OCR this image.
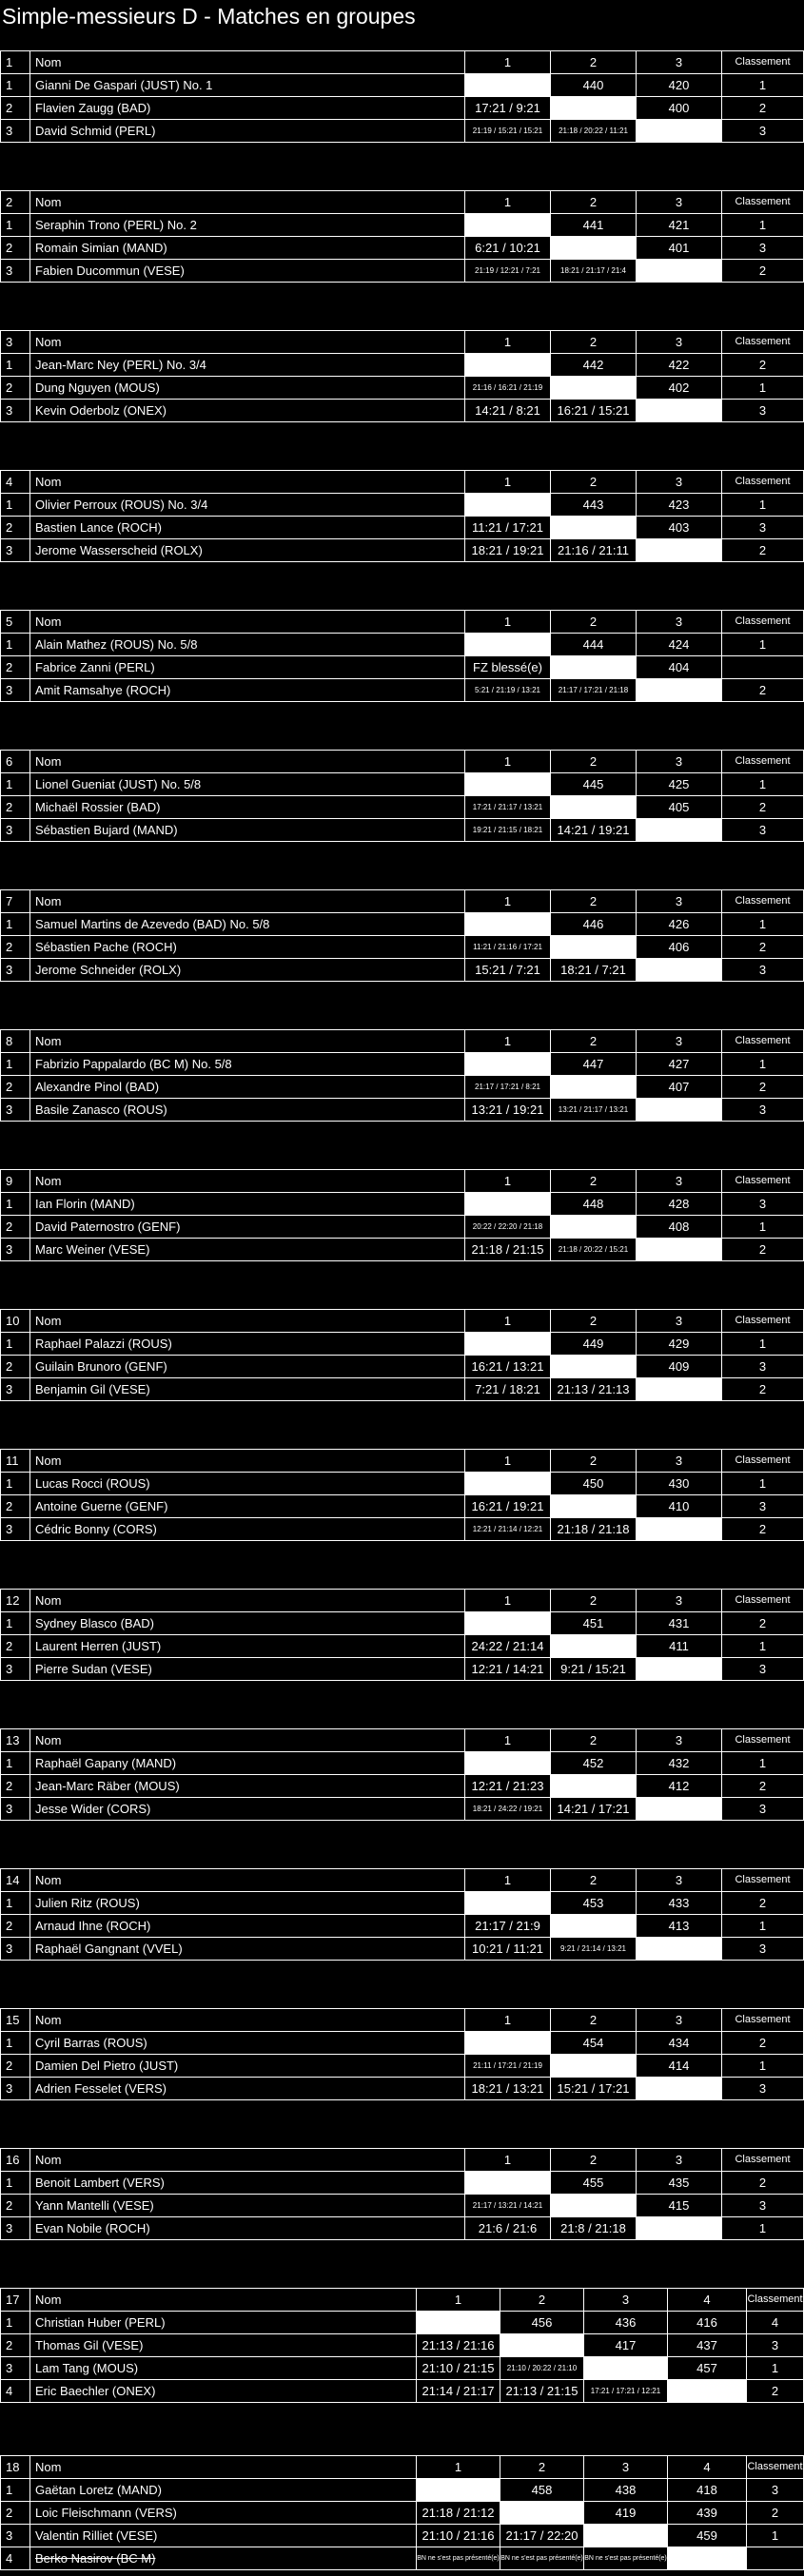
Simple-messieurs D - Matches en groupes
1	Nom	1	2	3	Classement
1	Gianni De Gaspari (JUST) No. 1		440	420	1
2	Flavien Zaugg (BAD)	17:21 / 9:21		400	2
3	David Schmid (PERL)	21:19 / 15:21 / 15:21	21:18 / 20:22 / 11:21		3
2	Nom	1	2	3	Classement
1	Seraphin Trono (PERL) No. 2		441	421	1
2	Romain Simian (MAND)	6:21 / 10:21		401	3
3	Fabien Ducommun (VESE)	21:19 / 12:21 / 7:21	18:21 / 21:17 / 21:4		2
3	Nom	1	2	3	Classement
1	Jean-Marc Ney (PERL) No. 3/4		442	422	2
2	Dung Nguyen (MOUS)	21:16 / 16:21 / 21:19		402	1
3	Kevin Oderbolz (ONEX)	14:21 / 8:21	16:21 / 15:21		3
4	Nom	1	2	3	Classement
1	Olivier Perroux (ROUS) No. 3/4		443	423	1
2	Bastien Lance (ROCH)	11:21 / 17:21		403	3
3	Jerome Wasserscheid (ROLX)	18:21 / 19:21	21:16 / 21:11		2
5	Nom	1	2	3	Classement
1	Alain Mathez (ROUS) No. 5/8		444	424	1
2	Fabrice Zanni (PERL)	FZ blessé(e)		404	
3	Amit Ramsahye (ROCH)	5:21 / 21:19 / 13:21	21:17 / 17:21 / 21:18		2
6	Nom	1	2	3	Classement
1	Lionel Gueniat (JUST) No. 5/8		445	425	1
2	Michaël Rossier (BAD)	17:21 / 21:17 / 13:21		405	2
3	Sébastien Bujard (MAND)	19:21 / 21:15 / 18:21	14:21 / 19:21		3
7	Nom	1	2	3	Classement
1	Samuel Martins de Azevedo (BAD) No. 5/8		446	426	1
2	Sébastien Pache (ROCH)	11:21 / 21:16 / 17:21		406	2
3	Jerome Schneider (ROLX)	15:21 / 7:21	18:21 / 7:21		3
8	Nom	1	2	3	Classement
1	Fabrizio Pappalardo (BC M) No. 5/8		447	427	1
2	Alexandre Pinol (BAD)	21:17 / 17:21 / 8:21		407	2
3	Basile Zanasco (ROUS)	13:21 / 19:21	13:21 / 21:17 / 13:21		3
9	Nom	1	2	3	Classement
1	Ian Florin (MAND)		448	428	3
2	David Paternostro (GENF)	20:22 / 22:20 / 21:18		408	1
3	Marc Weiner (VESE)	21:18 / 21:15	21:18 / 20:22 / 15:21		2
10	Nom	1	2	3	Classement
1	Raphael Palazzi (ROUS)		449	429	1
2	Guilain Brunoro (GENF)	16:21 / 13:21		409	3
3	Benjamin Gil (VESE)	7:21 / 18:21	21:13 / 21:13		2
11	Nom	1	2	3	Classement
1	Lucas Rocci (ROUS)		450	430	1
2	Antoine Guerne (GENF)	16:21 / 19:21		410	3
3	Cédric Bonny (CORS)	12:21 / 21:14 / 12:21	21:18 / 21:18		2
12	Nom	1	2	3	Classement
1	Sydney Blasco (BAD)		451	431	2
2	Laurent Herren (JUST)	24:22 / 21:14		411	1
3	Pierre Sudan (VESE)	12:21 / 14:21	9:21 / 15:21		3
13	Nom	1	2	3	Classement
1	Raphaël Gapany (MAND)		452	432	1
2	Jean-Marc Räber (MOUS)	12:21 / 21:23		412	2
3	Jesse Wider (CORS)	18:21 / 24:22 / 19:21	14:21 / 17:21		3
14	Nom	1	2	3	Classement
1	Julien Ritz (ROUS)		453	433	2
2	Arnaud Ihne (ROCH)	21:17 / 21:9		413	1
3	Raphaël Gangnant (VVEL)	10:21 / 11:21	9:21 / 21:14 / 13:21		3
15	Nom	1	2	3	Classement
1	Cyril Barras (ROUS)		454	434	2
2	Damien Del Pietro (JUST)	21:11 / 17:21 / 21:19		414	1
3	Adrien Fesselet (VERS)	18:21 / 13:21	15:21 / 17:21		3
16	Nom	1	2	3	Classement
1	Benoit Lambert (VERS)		455	435	2
2	Yann Mantelli (VESE)	21:17 / 13:21 / 14:21		415	3
3	Evan Nobile (ROCH)	21:6 / 21:6	21:8 / 21:18		1
17	Nom	1	2	3	4	Classement
1	Christian Huber (PERL)		456	436	416	4
2	Thomas Gil (VESE)	21:13 / 21:16		417	437	3
3	Lam Tang (MOUS)	21:10 / 21:15	21:10 / 20:22 / 21:10		457	1
4	Eric Baechler (ONEX)	21:14 / 21:17	21:13 / 21:15	17:21 / 17:21 / 12:21		2
18	Nom	1	2	3	4	Classement
1	Gaëtan Loretz (MAND)		458	438	418	3
2	Loic Fleischmann (VERS)	21:18 / 21:12		419	439	2
3	Valentin Rilliet (VESE)	21:10 / 21:16	21:17 / 22:20		459	1
4	Berko Nasirov (BC M)	BN ne s'est pas présenté(e)	BN ne s'est pas présenté(e)	BN ne s'est pas présenté(e)		
